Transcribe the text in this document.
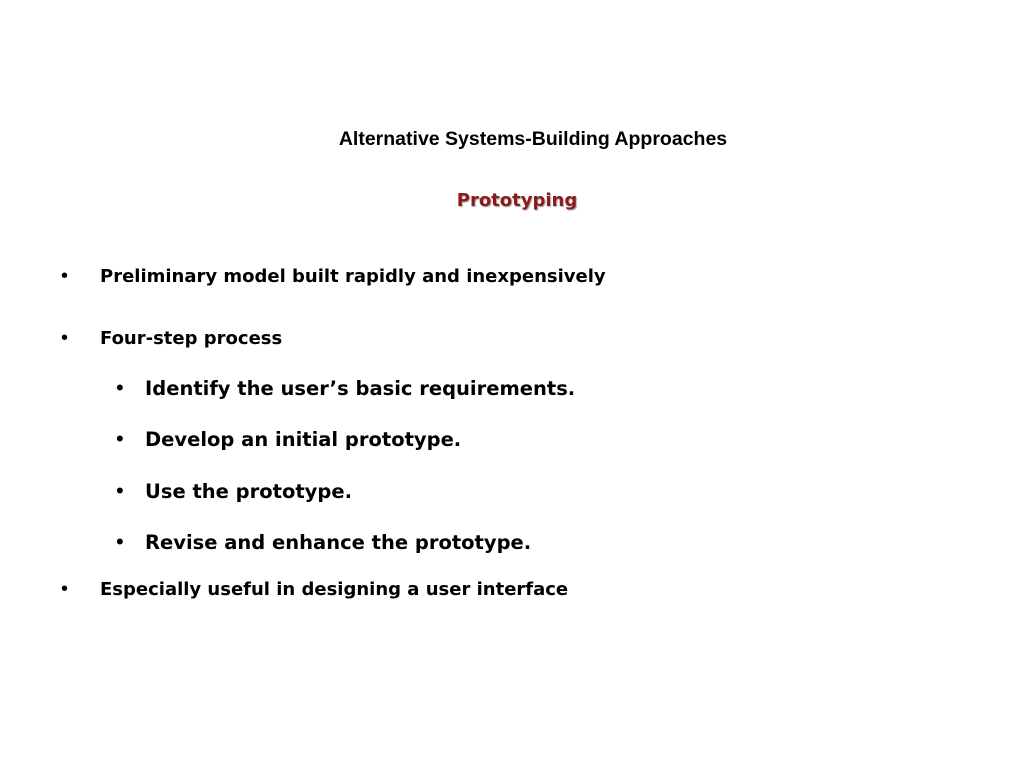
Alternative Systems-Building Approaches
Prototyping
•	Preliminary model built rapidly and inexpensively
•	Four-step process
•	Identify the user’s basic requirements.
•	Develop an initial prototype.
•	Use the prototype.
•	Revise and enhance the prototype.
•	Especially useful in designing a user interface
